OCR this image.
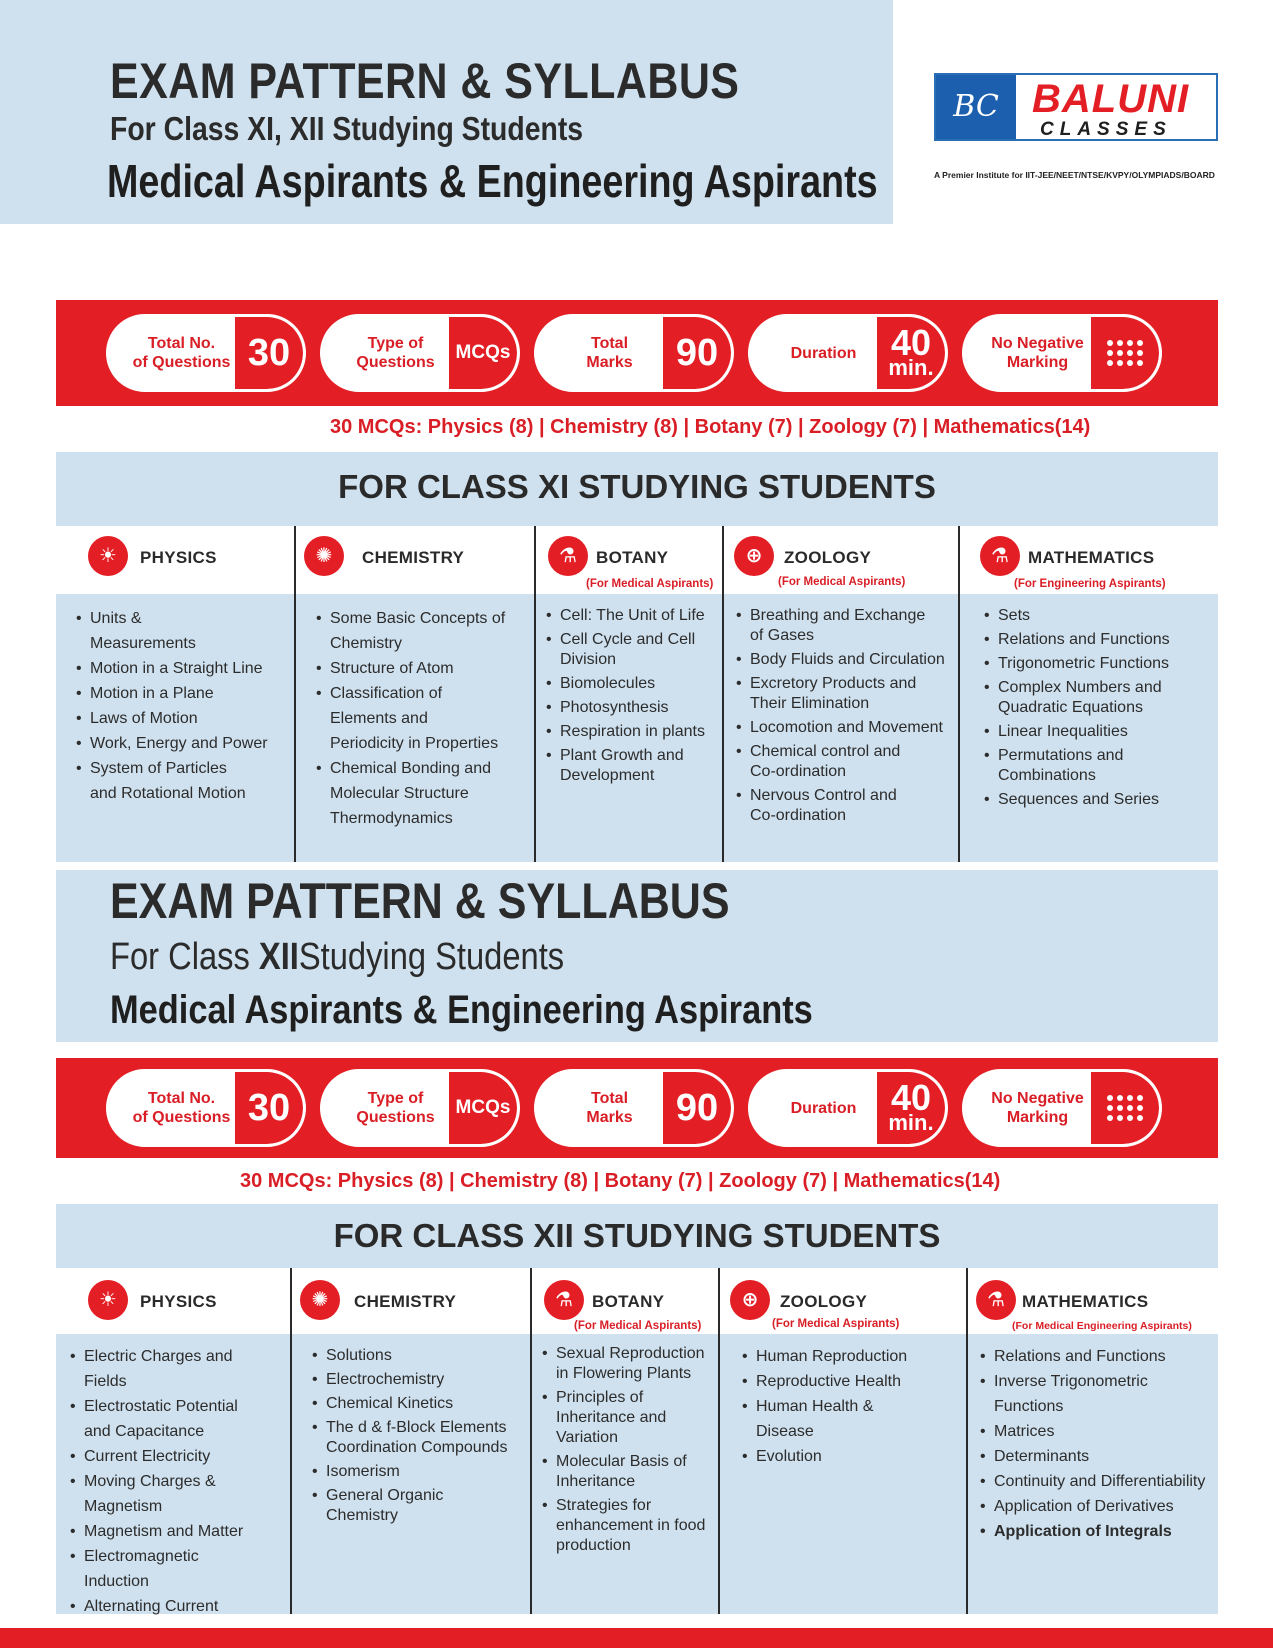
EXAM PATTERN & SYLLABUS
For Class XI, XII Studying Students
Medical Aspirants & Engineering Aspirants
BC BALUNI
CLASSES
A Premier Institute for IIT-JEE/NEET/NTSE/KVPY/OLYMPIADS/BOARD
Total No.
of Questions 30	Type of
Questions	MCQs	Total
Marks	90	Duration 40
min.
No Negative
Marking
30 MCQs: Physics (8) | Chemistry (8) | Botany (7) | Zoology (7) | Mathematics(14)
FOR CLASS XI STUDYING STUDENTS
☀	PHYSICS
• Units &
Measurements
• Motion in a Straight Line
• Motion in a Plane
• Laws of Motion
• Work, Energy and Power
• System of Particles
and Rotational Motion
✺	CHEMISTRY
• Some Basic Concepts of
Chemistry
• Structure of Atom
• Classification of
Elements and
Periodicity in Properties
• Chemical Bonding and
Molecular Structure
Thermodynamics
⚗	BOTANY
(For Medical Aspirants)
• Cell: The Unit of Life
• Cell Cycle and Cell
Division
• Biomolecules
• Photosynthesis
• Respiration in plants
• Plant Growth and
Development
⊕	ZOOLOGY
(For Medical Aspirants)
• Breathing and Exchange
of Gases
• Body Fluids and Circulation
• Excretory Products and
Their Elimination
• Locomotion and Movement
• Chemical control and
Co-ordination
• Nervous Control and
Co-ordination
⚗	MATHEMATICS
(For Engineering Aspirants)
• Sets
• Relations and Functions
• Trigonometric Functions
• Complex Numbers and
Quadratic Equations
• Linear Inequalities
• Permutations and
Combinations
• Sequences and Series
EXAM PATTERN & SYLLABUS
For Class XIIStudying Students
Medical Aspirants & Engineering Aspirants
Total No.
of Questions 30	Type of
Questions	MCQs	Total
Marks	90	Duration 40
min.
No Negative
Marking
30 MCQs: Physics (8) | Chemistry (8) | Botany (7) | Zoology (7) | Mathematics(14)
FOR CLASS XII STUDYING STUDENTS
☀	PHYSICS
• Electric Charges and
Fields
• Electrostatic Potential
and Capacitance
• Current Electricity
• Moving Charges &
Magnetism
• Magnetism and Matter
• Electromagnetic
Induction
• Alternating Current
✺	CHEMISTRY
• Solutions
• Electrochemistry
• Chemical Kinetics
• The d & f-Block Elements
Coordination Compounds
• Isomerism
• General Organic
Chemistry
⚗	BOTANY
(For Medical Aspirants)
• Sexual Reproduction
in Flowering Plants
• Principles of
Inheritance and
Variation
• Molecular Basis of
Inheritance
• Strategies for
enhancement in food
production
⊕	ZOOLOGY
(For Medical Aspirants)
• Human Reproduction
• Reproductive Health
• Human Health &
Disease
• Evolution
⚗	MATHEMATICS
(For Medical Engineering Aspirants)
• Relations and Functions
• Inverse Trigonometric Functions
• Matrices
• Determinants
• Continuity and Differentiability
• Application of Derivatives
• Application of Integrals
